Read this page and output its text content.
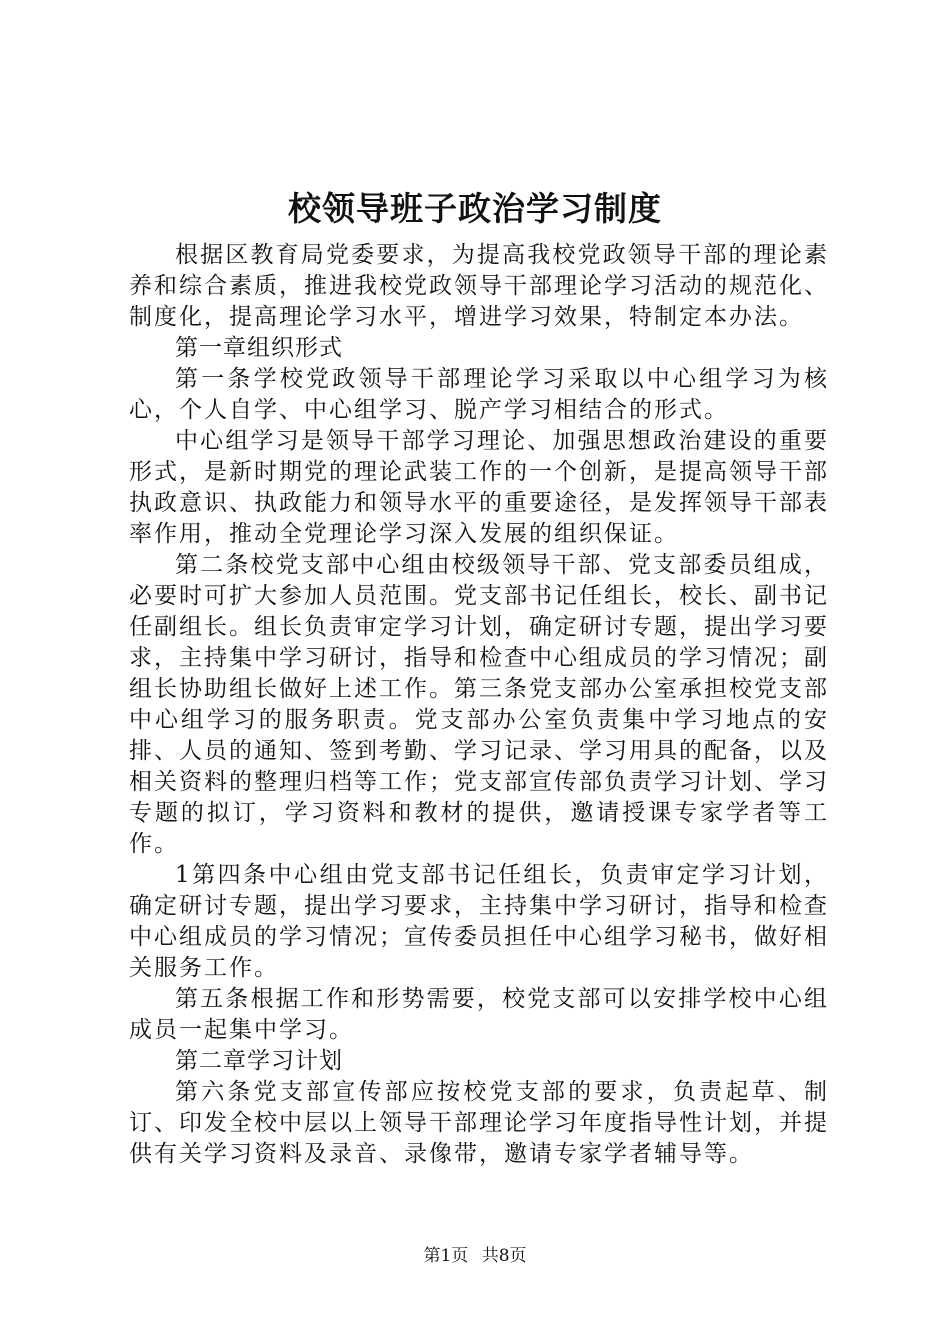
校领导班子政治学习制度

根据区教育局党委要求，为提高我校党政领导干部的理论素养和综合素质，推进我校党政领导干部理论学习活动的规范化、制度化，提高理论学习水平，增进学习效果，特制定本办法。

第一章组织形式

第一条学校党政领导干部理论学习采取以中心组学习为核心，个人自学、中心组学习、脱产学习相结合的形式。

中心组学习是领导干部学习理论、加强思想政治建设的重要形式，是新时期党的理论武装工作的一个创新，是提高领导干部执政意识、执政能力和领导水平的重要途径，是发挥领导干部表率作用，推动全党理论学习深入发展的组织保证。

第二条校党支部中心组由校级领导干部、党支部委员组成，必要时可扩大参加人员范围。党支部书记任组长，校长、副书记任副组长。组长负责审定学习计划，确定研讨专题，提出学习要求，主持集中学习研讨，指导和检查中心组成员的学习情况；副组长协助组长做好上述工作。第三条党支部办公室承担校党支部中心组学习的服务职责。党支部办公室负责集中学习地点的安排、人员的通知、签到考勤、学习记录、学习用具的配备，以及相关资料的整理归档等工作；党支部宣传部负责学习计划、学习专题的拟订，学习资料和教材的提供，邀请授课专家学者等工作。

1第四条中心组由党支部书记任组长，负责审定学习计划，确定研讨专题，提出学习要求，主持集中学习研讨，指导和检查中心组成员的学习情况；宣传委员担任中心组学习秘书，做好相关服务工作。

第五条根据工作和形势需要，校党支部可以安排学校中心组成员一起集中学习。

第二章学习计划

第六条党支部宣传部应按校党支部的要求，负责起草、制订、印发全校中层以上领导干部理论学习年度指导性计划，并提供有关学习资料及录音、录像带，邀请专家学者辅导等。

第1页 共8页
